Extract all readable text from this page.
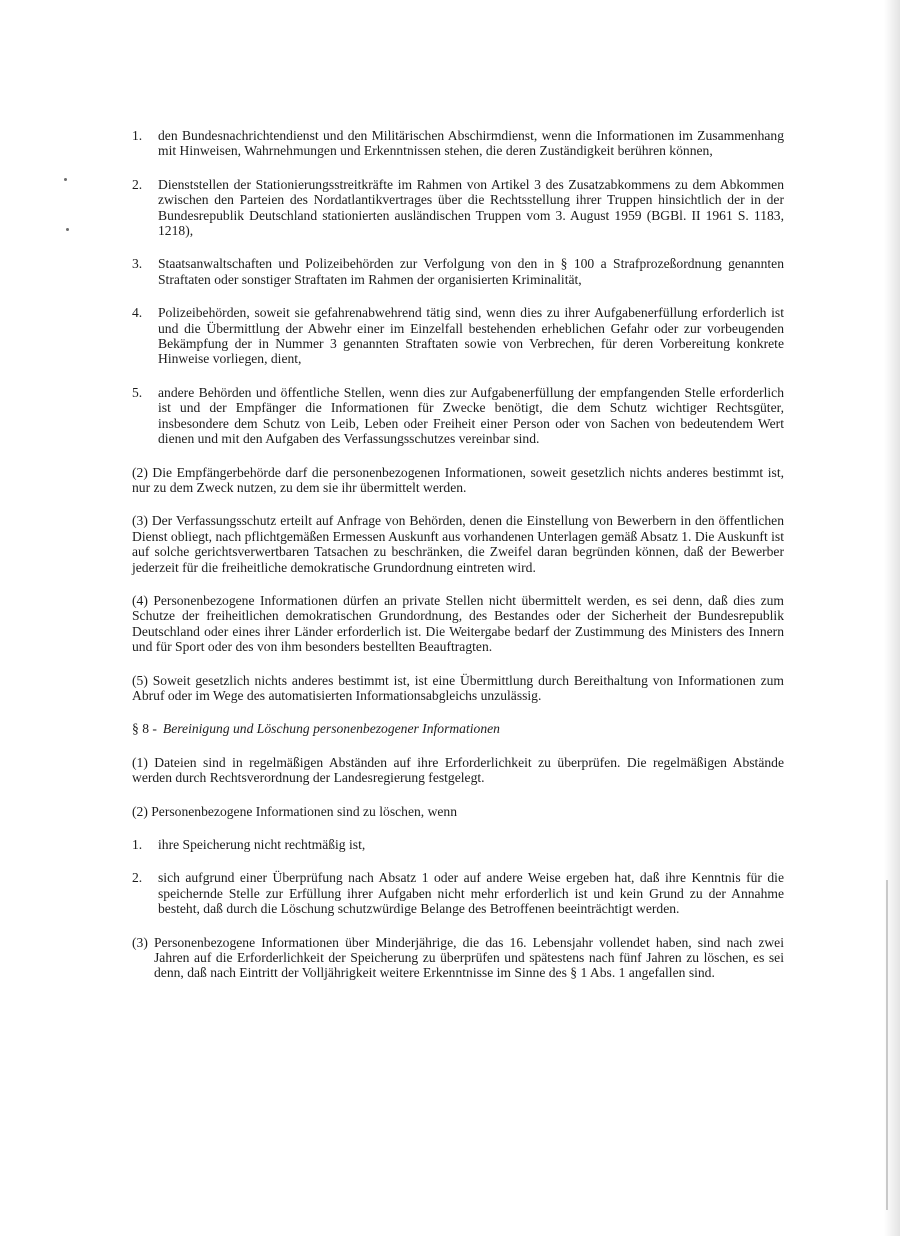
1. den Bundesnachrichtendienst und den Militärischen Abschirmdienst, wenn die Informationen im Zusammenhang mit Hinweisen, Wahrnehmungen und Erkenntnissen stehen, die deren Zuständigkeit berühren können,
2. Dienststellen der Stationierungsstreitkräfte im Rahmen von Artikel 3 des Zusatzabkommens zu dem Abkommen zwischen den Parteien des Nordatlantikvertrages über die Rechtsstellung ihrer Truppen hinsichtlich der in der Bundesrepublik Deutschland stationierten ausländischen Truppen vom 3. August 1959 (BGBl. II 1961 S. 1183, 1218),
3. Staatsanwaltschaften und Polizeibehörden zur Verfolgung von den in § 100 a Strafprozeßordnung genannten Straftaten oder sonstiger Straftaten im Rahmen der organisierten Kriminalität,
4. Polizeibehörden, soweit sie gefahrenabwehrend tätig sind, wenn dies zu ihrer Aufgabenerfüllung erforderlich ist und die Übermittlung der Abwehr einer im Einzelfall bestehenden erheblichen Gefahr oder zur vorbeugenden Bekämpfung der in Nummer 3 genannten Straftaten sowie von Verbrechen, für deren Vorbereitung konkrete Hinweise vorliegen, dient,
5. andere Behörden und öffentliche Stellen, wenn dies zur Aufgabenerfüllung der empfangenden Stelle erforderlich ist und der Empfänger die Informationen für Zwecke benötigt, die dem Schutz wichtiger Rechtsgüter, insbesondere dem Schutz von Leib, Leben oder Freiheit einer Person oder von Sachen von bedeutendem Wert dienen und mit den Aufgaben des Verfassungsschutzes vereinbar sind.

(2) Die Empfängerbehörde darf die personenbezogenen Informationen, soweit gesetzlich nichts anderes bestimmt ist, nur zu dem Zweck nutzen, zu dem sie ihr übermittelt werden.

(3) Der Verfassungsschutz erteilt auf Anfrage von Behörden, denen die Einstellung von Bewerbern in den öffentlichen Dienst obliegt, nach pflichtgemäßen Ermessen Auskunft aus vorhandenen Unterlagen gemäß Absatz 1. Die Auskunft ist auf solche gerichtsverwertbaren Tatsachen zu beschränken, die Zweifel daran begründen können, daß der Bewerber jederzeit für die freiheitliche demokratische Grundordnung eintreten wird.

(4) Personenbezogene Informationen dürfen an private Stellen nicht übermittelt werden, es sei denn, daß dies zum Schutze der freiheitlichen demokratischen Grundordnung, des Bestandes oder der Sicherheit der Bundesrepublik Deutschland oder eines ihrer Länder erforderlich ist. Die Weitergabe bedarf der Zustimmung des Ministers des Innern und für Sport oder des von ihm besonders bestellten Beauftragten.

(5) Soweit gesetzlich nichts anderes bestimmt ist, ist eine Übermittlung durch Bereithaltung von Informationen zum Abruf oder im Wege des automatisierten Informationsabgleichs unzulässig.

§ 8 - Bereinigung und Löschung personenbezogener Informationen

(1) Dateien sind in regelmäßigen Abständen auf ihre Erforderlichkeit zu überprüfen. Die regelmäßigen Abstände werden durch Rechtsverordnung der Landesregierung festgelegt.

(2) Personenbezogene Informationen sind zu löschen, wenn

1. ihre Speicherung nicht rechtmäßig ist,
2. sich aufgrund einer Überprüfung nach Absatz 1 oder auf andere Weise ergeben hat, daß ihre Kenntnis für die speichernde Stelle zur Erfüllung ihrer Aufgaben nicht mehr erforderlich ist und kein Grund zu der Annahme besteht, daß durch die Löschung schutzwürdige Belange des Betroffenen beeinträchtigt werden.

(3) Personenbezogene Informationen über Minderjährige, die das 16. Lebensjahr vollendet haben, sind nach zwei Jahren auf die Erforderlichkeit der Speicherung zu überprüfen und spätestens nach fünf Jahren zu löschen, es sei denn, daß nach Eintritt der Volljährigkeit weitere Erkenntnisse im Sinne des § 1 Abs. 1 angefallen sind.
